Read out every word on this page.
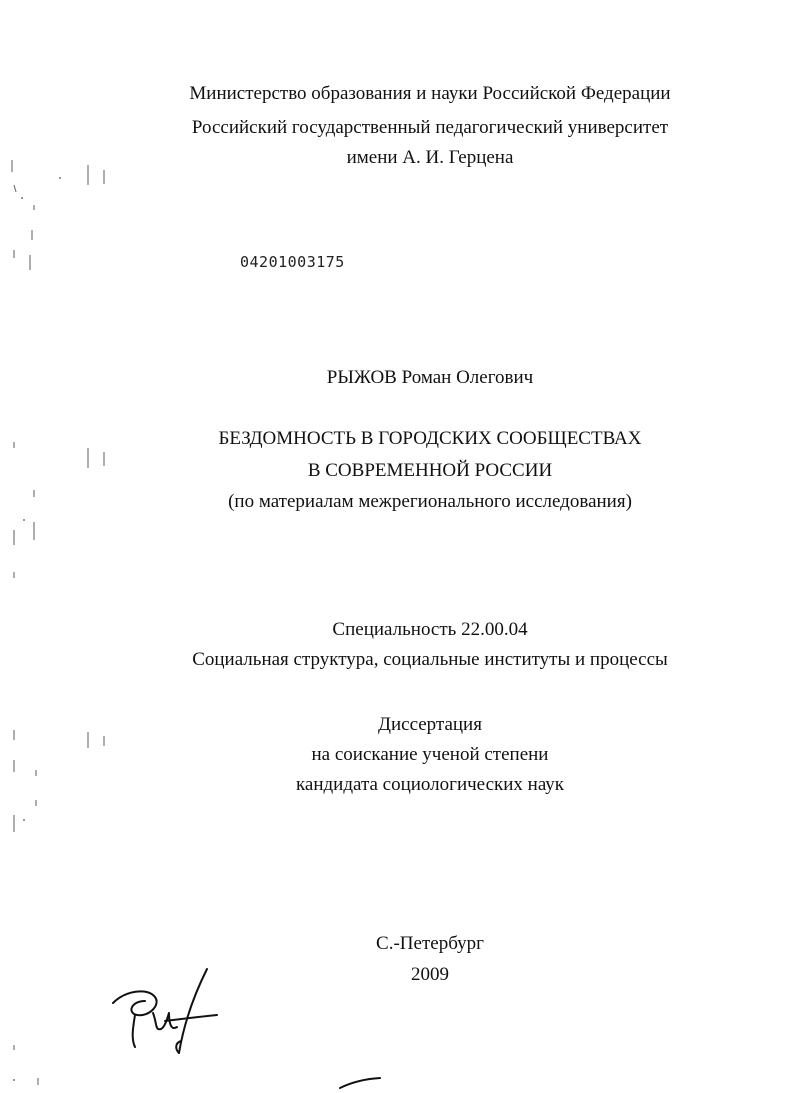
Министерство образования и науки Российской Федерации
Российский государственный педагогический университет
имени А. И. Герцена
04201003175
РЫЖОВ Роман Олегович
БЕЗДОМНОСТЬ В ГОРОДСКИХ СООБЩЕСТВАХ
В СОВРЕМЕННОЙ РОССИИ
(по материалам межрегионального исследования)
Специальность 22.00.04
Социальная структура, социальные институты и процессы
Диссертация
на соискание ученой степени
кандидата социологических наук
С.-Петербург
2009
